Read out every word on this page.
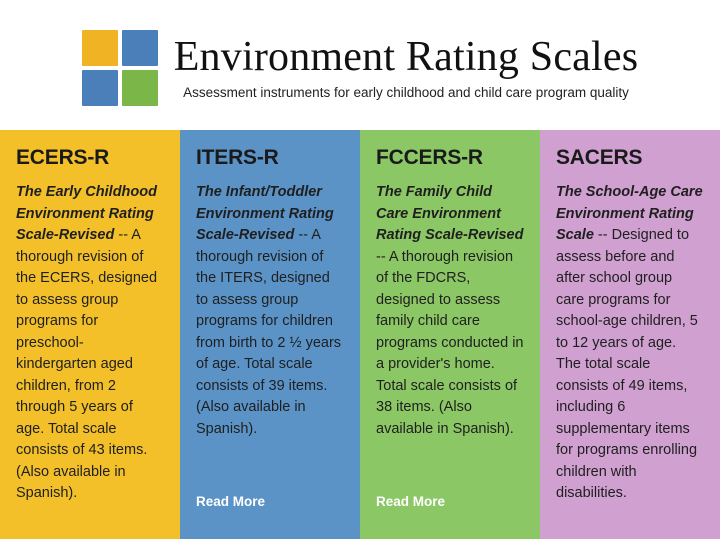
Environment Rating Scales
Assessment instruments for early childhood and child care program quality
ECERS-R

The Early Childhood Environment Rating Scale-Revised -- A thorough revision of the ECERS, designed to assess group programs for preschool-kindergarten aged children, from 2 through 5 years of age. Total scale consists of 43 items. (Also available in Spanish).

ITERS-R

The Infant/Toddler Environment Rating Scale-Revised -- A thorough revision of the ITERS, designed to assess group programs for children from birth to 2 ½ years of age. Total scale consists of 39 items. (Also available in Spanish).

Read More
FCCERS-R

The Family Child Care Environment Rating Scale-Revised -- A thorough revision of the FDCRS, designed to assess family child care programs conducted in a provider's home. Total scale consists of 38 items. (Also available in Spanish).

Read More
SACERS

The School-Age Care Environment Rating Scale -- Designed to assess before and after school group care programs for school-age children, 5 to 12 years of age. The total scale consists of 49 items, including 6 supplementary items for programs enrolling children with disabilities.
